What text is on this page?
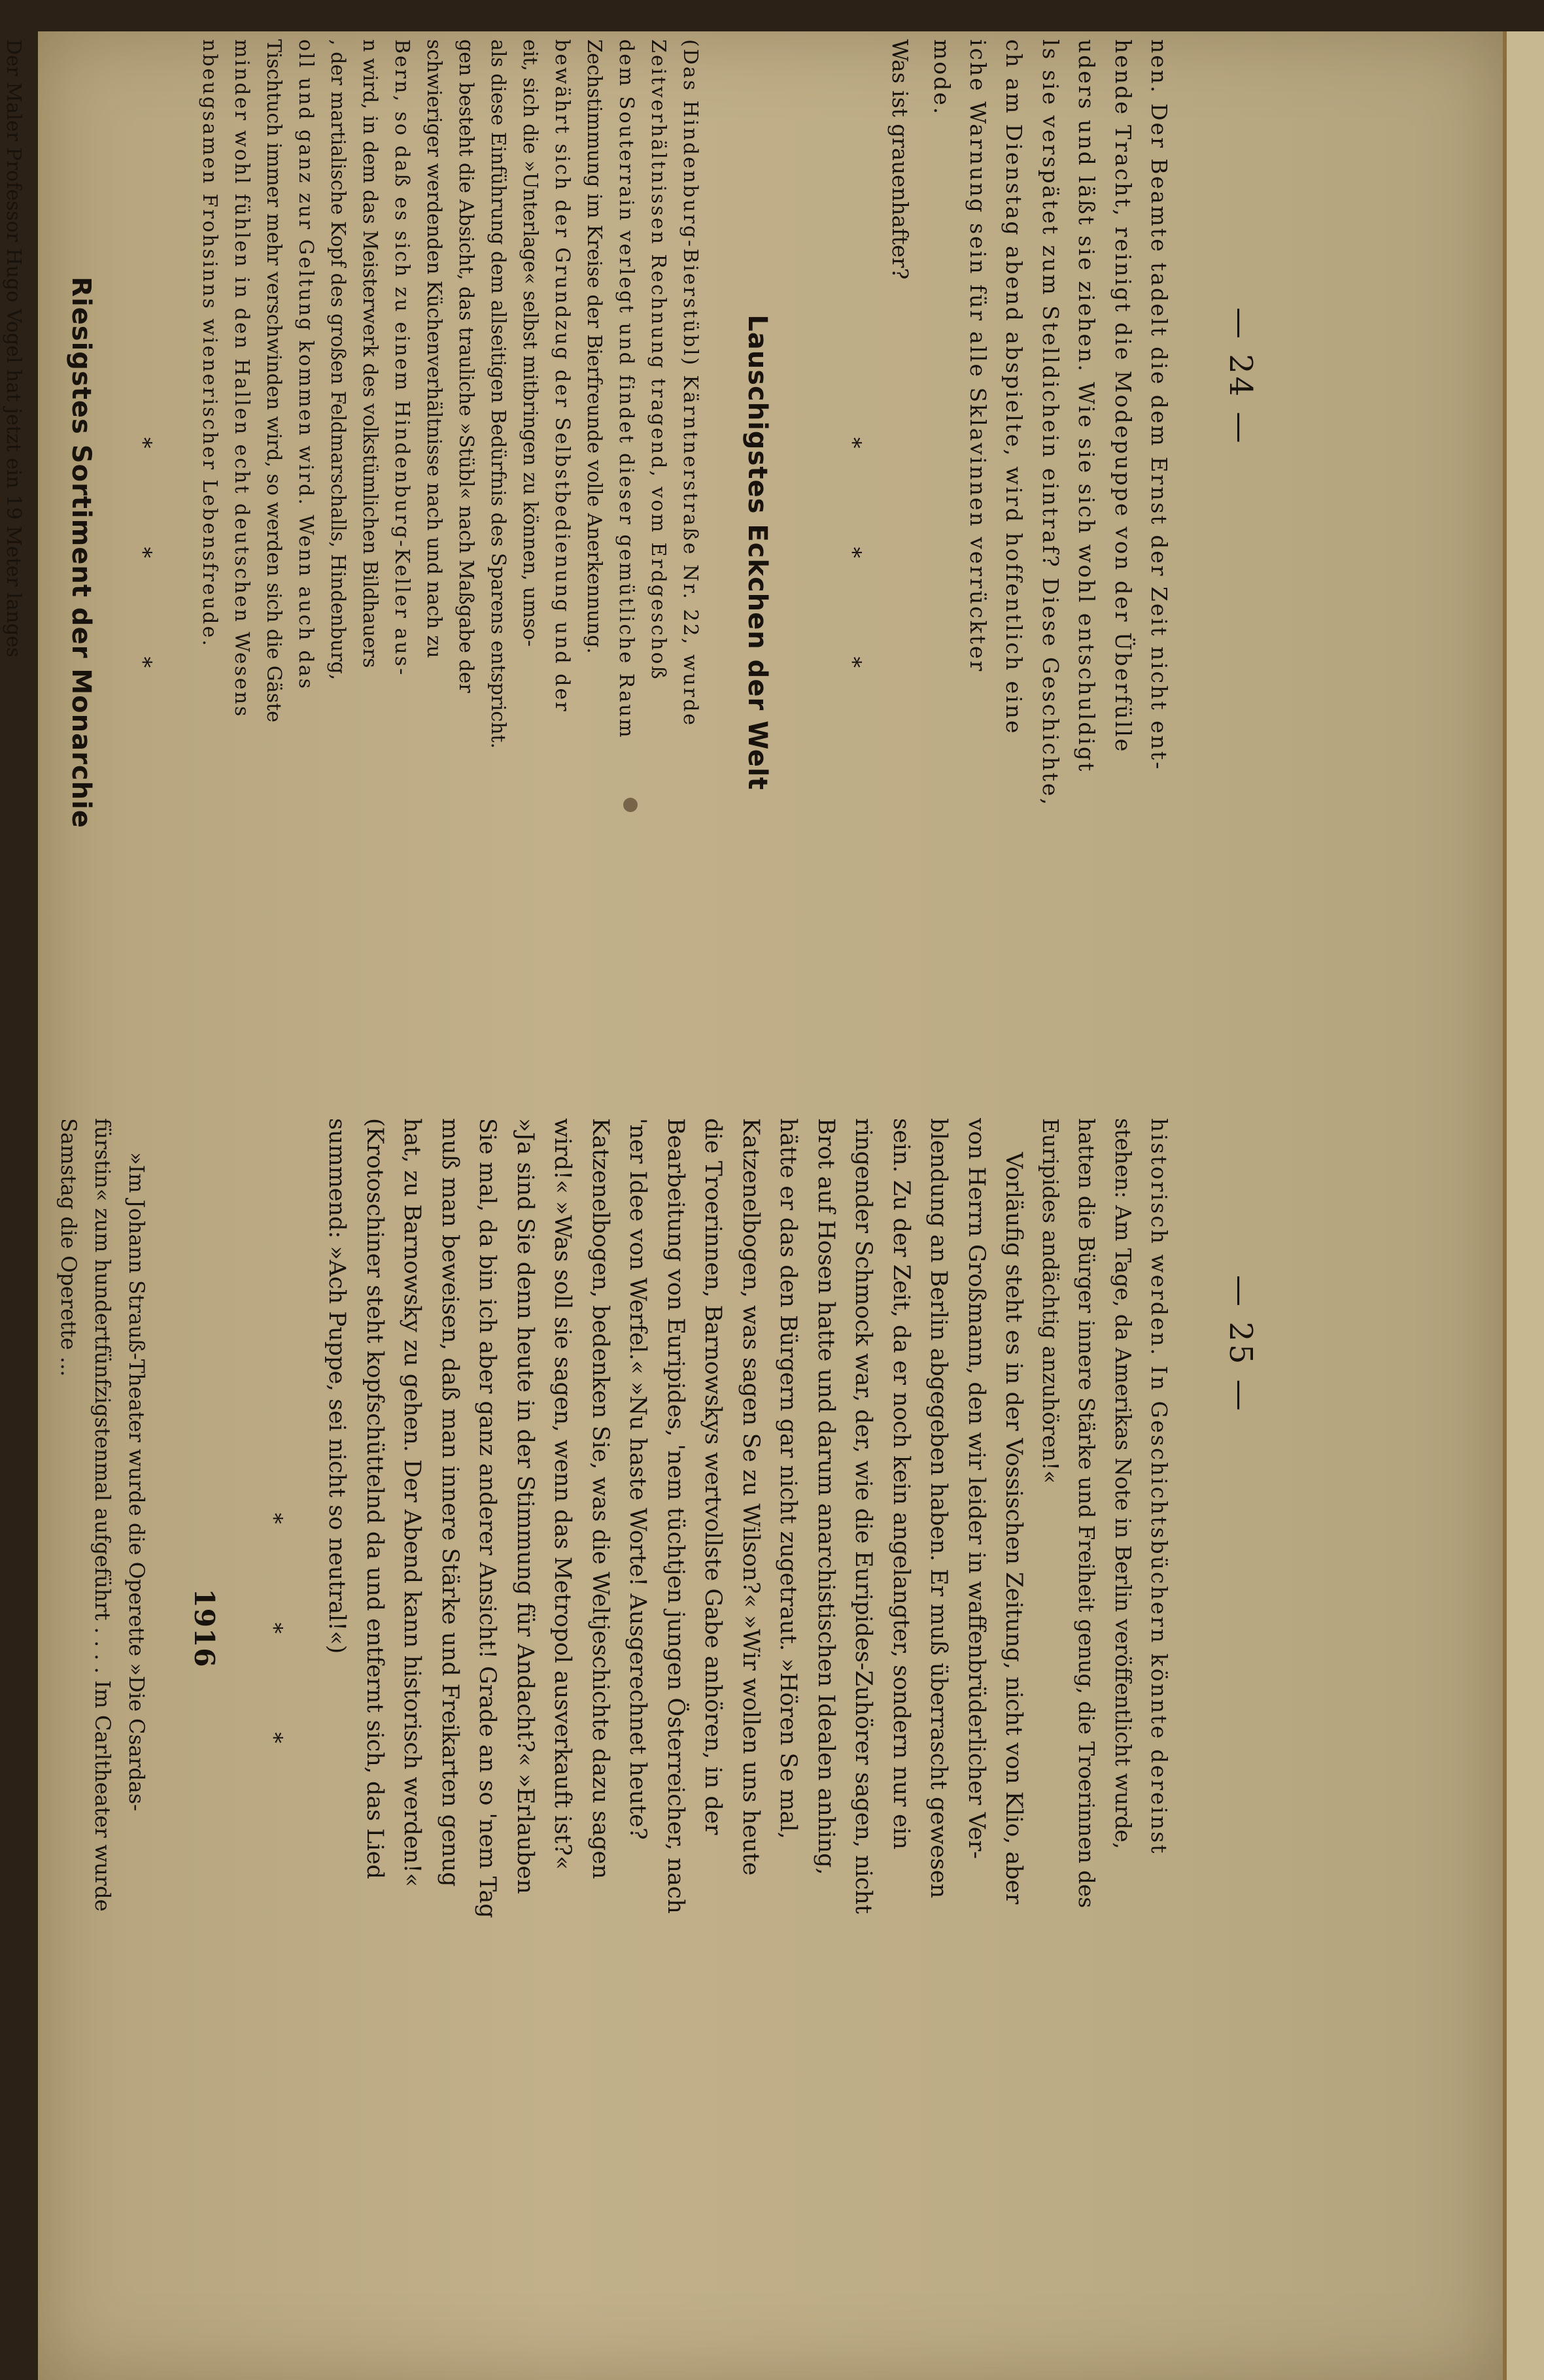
— 24 —
nen. Der Beamte tadelt die dem Ernst der Zeit nicht ent-
hende Tracht, reinigt die Modepuppe von der Überfülle
uders und läßt sie ziehen. Wie sie sich wohl entschuldigt
ls sie verspätet zum Stelldichein eintraf? Diese Geschichte,
ch am Dienstag abend abspielte, wird hoffentlich eine
iche Warnung sein für alle Sklavinnen verrückter
mode.
Was ist grauenhafter?
* * *
Lauschigstes Eckchen der Welt
(Das Hindenburg-Bierstübl) Kärntnerstraße Nr. 22, wurde
Zeitverhältnissen Rechnung tragend, vom Erdgeschoß
dem Souterrain verlegt und findet dieser gemütliche Raum
Zechstimmung im Kreise der Bierfreunde volle Anerkennung.
bewährt sich der Grundzug der Selbstbedienung und der
eit, sich die »Unterlage« selbst mitbringen zu können, umso-
als diese Einführung dem allseitigen Bedürfnis des Sparens entspricht.
gen besteht die Absicht, das trauliche »Stübl« nach Maßgabe der
schwieriger werdenden Küchenverhältnisse nach und nach zu
Bern, so daß es sich zu einem Hindenburg-Keller aus-
n wird, in dem das Meisterwerk des volkstümlichen Bildhauers
, der martialische Kopf des großen Feldmarschalls, Hindenburg,
oll und ganz zur Geltung kommen wird. Wenn auch das
Tischtuch immer mehr verschwinden wird, so werden sich die Gäste
minder wohl fühlen in den Hallen echt deutschen Wesens
nbeugsamen Frohsinns wienerischer Lebensfreude.
* * *
Riesigstes Sortiment der Monarchie
Der Maler Professor Hugo Vogel hat jetzt ein 19 Meter langes
— 25 —
historisch werden. In Geschichtsbüchern könnte dereinst
stehen: Am Tage, da Amerikas Note in Berlin veröffentlicht wurde,
hatten die Bürger innere Stärke und Freiheit genug, die Troerinnen des
Euripides andächtig anzuhören!«
Vorläufig steht es in der Vossischen Zeitung, nicht von Klio, aber
von Herrn Großmann, den wir leider in waffenbrüderlicher Ver-
blendung an Berlin abgegeben haben. Er muß überrascht gewesen
sein. Zu der Zeit, da er noch kein angelangter, sondern nur ein
ringender Schmock war, der, wie die Euripides-Zuhörer sagen, nicht
Brot auf Hosen hatte und darum anarchistischen Idealen anhing,
hätte er das den Bürgern gar nicht zugetraut. »Hören Se mal,
Katzenelbogen, was sagen Se zu Wilson?« »Wir wollen uns heute
die Troerinnen, Barnowskys wertvollste Gabe anhören, in der
Bearbeitung von Euripides, 'nem tüchtjen jungen Österreicher, nach
'ner Idee von Werfel.« »Nu haste Worte! Ausgerechnet heute?
Katzenelbogen, bedenken Sie, was die Weltjeschichte dazu sagen
wird!« »Was soll sie sagen, wenn das Metropol ausverkauft ist?«
»Ja sind Sie denn heute in der Stimmung für Andacht?« »Erlauben
Sie mal, da bin ich aber ganz anderer Ansicht! Grade an so 'nem Tag
muß man beweisen, daß man innere Stärke und Freikarten genug
hat, zu Barnowsky zu gehen. Der Abend kann historisch werden!«
(Krotoschiner steht kopfschüttelnd da und entfernt sich, das Lied
summend: »Ach Puppe, sei nicht so neutral!«)
* * *
1916
»Im Johann Strauß-Theater wurde die Operette »Die Csardas-
fürstin« zum hundertfünfzigstenmal aufgeführt . . . . Im Carltheater wurde
Samstag die Operette ...
